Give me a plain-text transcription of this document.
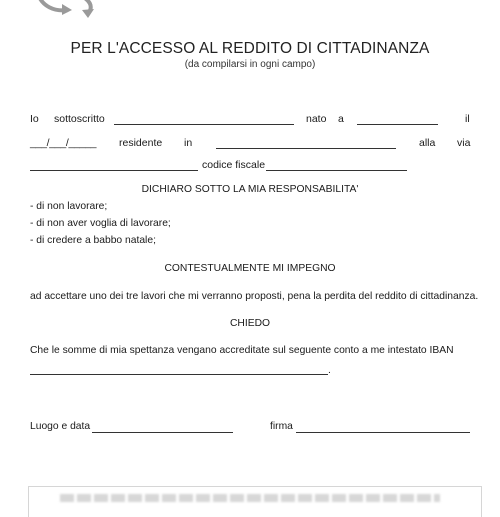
PER L'ACCESSO AL REDDITO DI CITTADINANZA
(da compilarsi in ogni campo)
Io sottoscritto	nato a	il
___/___/_____ residente in	alla via
codice fiscale
DICHIARO SOTTO LA MIA RESPONSABILITA'
- di non lavorare;
- di non aver voglia di lavorare;
- di credere a babbo natale;
CONTESTUALMENTE MI IMPEGNO
ad accettare uno dei tre lavori che mi verranno proposti, pena la perdita del reddito di cittadinanza.
CHIEDO
Che le somme di mia spettanza vengano accreditate sul seguente conto a me intestato IBAN
.
Luogo e data	firma
